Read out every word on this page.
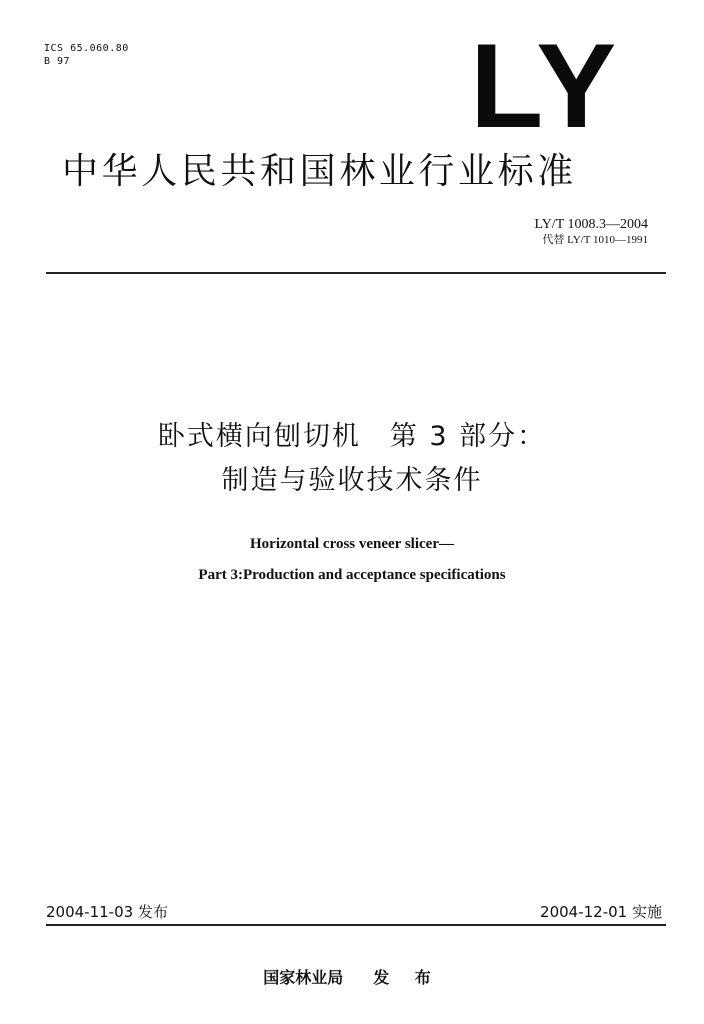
ICS 65.060.80
B 97	LY
中华人民共和国林业行业标准
LY/T 1008.3—2004
代替 LY/T 1010—1991
卧式横向刨切机　第 3 部分：
制造与验收技术条件
Horizontal cross veneer slicer—
Part 3:Production and acceptance specifications
2004-11-03 发布	2004-12-01 实施
国家林业局 发 布
